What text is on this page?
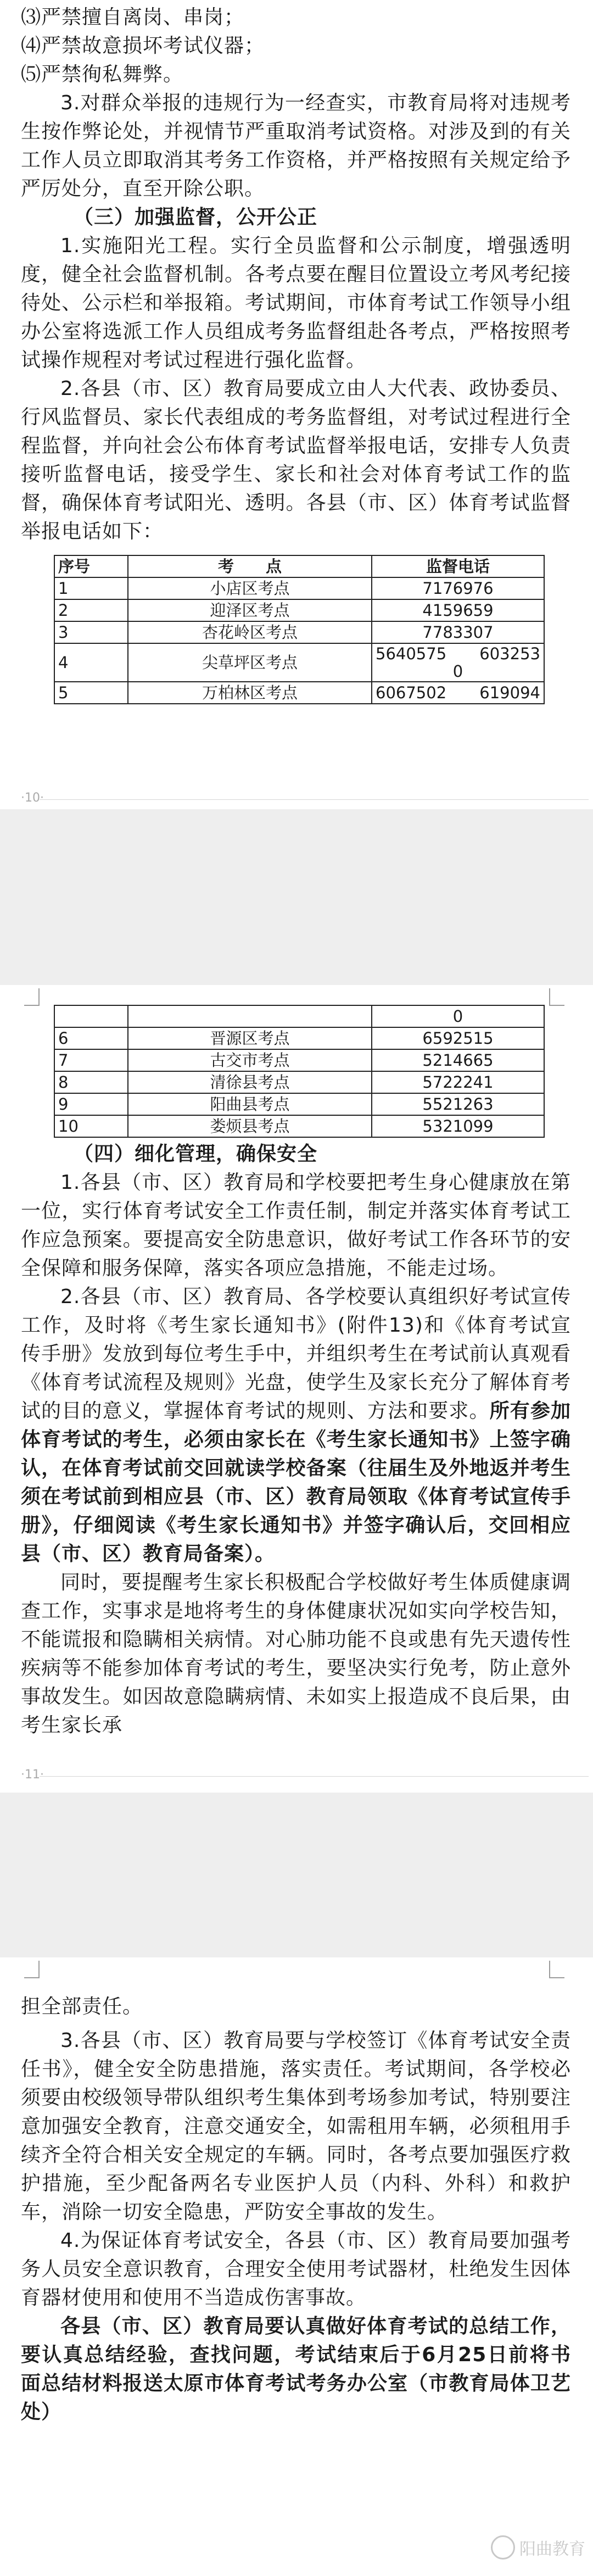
⑶严禁擅自离岗、串岗；

⑷严禁故意损坏考试仪器；

⑸严禁徇私舞弊。

3.对群众举报的违规行为一经查实，市教育局将对违规考生按作弊论处，并视情节严重取消考试资格。对涉及到的有关工作人员立即取消其考务工作资格，并严格按照有关规定给予严厉处分，直至开除公职。

（三）加强监督，公开公正

1.实施阳光工程。实行全员监督和公示制度，增强透明度，健全社会监督机制。各考点要在醒目位置设立考风考纪接待处、公示栏和举报箱。考试期间，市体育考试工作领导小组办公室将选派工作人员组成考务监督组赴各考点，严格按照考试操作规程对考试过程进行强化监督。

2.各县（市、区）教育局要成立由人大代表、政协委员、行风监督员、家长代表组成的考务监督组，对考试过程进行全程监督，并向社会公布体育考试监督举报电话，安排专人负责接听监督电话，接受学生、家长和社会对体育考试工作的监督，确保体育考试阳光、透明。各县（市、区）体育考试监督举报电话如下：

序号	考　　点	监督电话
1	小店区考点	7176976
2	迎泽区考点	4159659
3	杏花岭区考点	7783307
4	尖草坪区考点	5640575 603253
0

5	万柏林区考点	6067502 619094
·10·
		0
6	晋源区考点	6592515
7	古交市考点	5214665
8	清徐县考点	5722241
9	阳曲县考点	5521263
10	娄烦县考点	5321099

（四）细化管理，确保安全

1.各县（市、区）教育局和学校要把考生身心健康放在第一位，实行体育考试安全工作责任制，制定并落实体育考试工作应急预案。要提高安全防患意识，做好考试工作各环节的安全保障和服务保障，落实各项应急措施，不能走过场。

2.各县（市、区）教育局、各学校要认真组织好考试宣传工作，及时将《考生家长通知书》(附件13)和《体育考试宣传手册》发放到每位考生手中，并组织考生在考试前认真观看《体育考试流程及规则》光盘，使学生及家长充分了解体育考试的目的意义，掌握体育考试的规则、方法和要求。所有参加体育考试的考生，必须由家长在《考生家长通知书》上签字确认，在体育考试前交回就读学校备案（往届生及外地返并考生须在考试前到相应县（市、区）教育局领取《体育考试宣传手册》，仔细阅读《考生家长通知书》并签字确认后，交回相应县（市、区）教育局备案）。

同时，要提醒考生家长积极配合学校做好考生体质健康调查工作，实事求是地将考生的身体健康状况如实向学校告知，不能谎报和隐瞒相关病情。对心肺功能不良或患有先天遗传性疾病等不能参加体育考试的考生，要坚决实行免考，防止意外事故发生。如因故意隐瞒病情、未如实上报造成不良后果，由考生家长承

·11·

担全部责任。

3.各县（市、区）教育局要与学校签订《体育考试安全责任书》，健全安全防患措施，落实责任。考试期间，各学校必须要由校级领导带队组织考生集体到考场参加考试，特别要注意加强安全教育，注意交通安全，如需租用车辆，必须租用手续齐全符合相关安全规定的车辆。同时，各考点要加强医疗救护措施，至少配备两名专业医护人员（内科、外科）和救护车，消除一切安全隐患，严防安全事故的发生。

4.为保证体育考试安全，各县（市、区）教育局要加强考务人员安全意识教育，合理安全使用考试器材，杜绝发生因体育器材使用和使用不当造成伤害事故。

各县（市、区）教育局要认真做好体育考试的总结工作，要认真总结经验，查找问题，考试结束后于6月25日前将书面总结材料报送太原市体育考试考务办公室（市教育局体卫艺处）

阳曲教育
